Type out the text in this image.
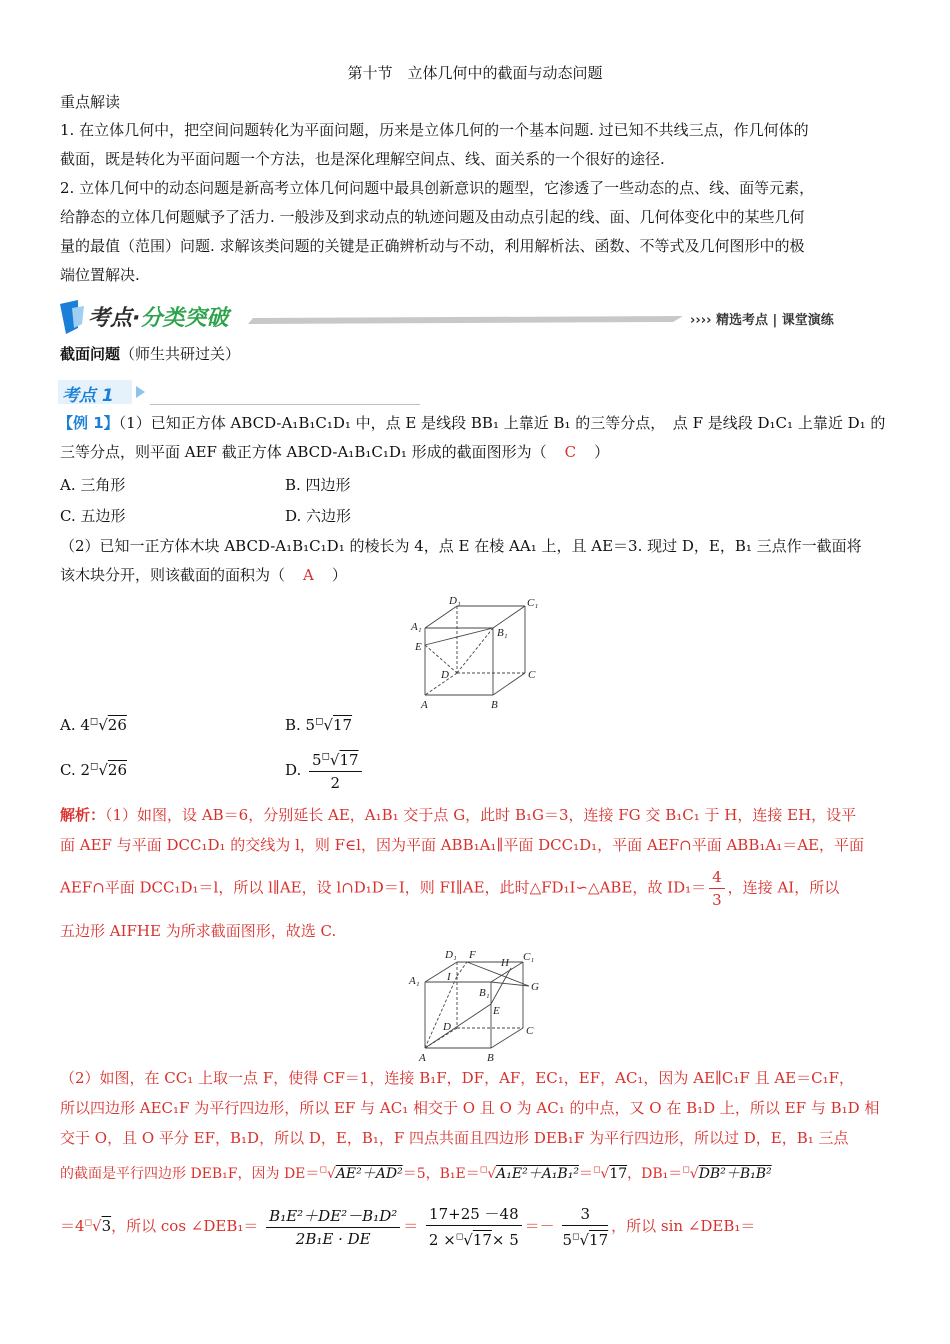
第十节　立体几何中的截面与动态问题
重点解读
1. 在立体几何中，把空间问题转化为平面问题，历来是立体几何的一个基本问题. 过已知不共线三点，作几何体的
截面，既是转化为平面问题一个方法，也是深化理解空间点、线、面关系的一个很好的途径.
2. 立体几何中的动态问题是新高考立体几何问题中最具创新意识的题型，它渗透了一些动态的点、线、面等元素，
给静态的立体几何题赋予了活力. 一般涉及到求动点的轨迹问题及由动点引起的线、面、几何体变化中的某些几何
量的最值（范围）问题. 求解该类问题的关键是正确辨析动与不动，利用解析法、函数、不等式及几何图形中的极
端位置解决.
考点·分类突破	›››› 精选考点 | 课堂演练
截面问题（师生共研过关）
考点 1
【例 1】（1）已知正方体 ABCD-A₁B₁C₁D₁ 中，点 E 是线段 BB₁ 上靠近 B₁ 的三等分点，　点 F 是线段 D₁C₁ 上靠近 D₁ 的
三等分点，则平面 AEF 截正方体 ABCD-A₁B₁C₁D₁ 形成的截面图形为（ C ）
A. 三角形	B. 四边形
C. 五边形	D. 六边形
（2）已知一正方体木块 ABCD-A₁B₁C₁D₁ 的棱长为 4，点 E 在棱 AA₁ 上，且 AE＝3. 现过 D，E，B₁ 三点作一截面将
该木块分开，则该截面的面积为（ A ）
D₁	C₁
A₁	B₁
E
D	C
A	B
A. 4◻√26	B. 5◻√17
C. 2◻√26	D. $\frac{5^◻√17}{2}$
解析：（1）如图，设 AB＝6，分别延长 AE，A₁B₁ 交于点 G，此时 B₁G＝3，连接 FG 交 B₁C₁ 于 H，连接 EH，设平
面 AEF 与平面 DCC₁D₁ 的交线为 l，则 F∈l，因为平面 ABB₁A₁∥平面 DCC₁D₁，平面 AEF∩平面 ABB₁A₁＝AE，平面
AEF∩平面 DCC₁D₁＝l，所以 l∥AE，设 l∩D₁D＝I，则 FI∥AE，此时△FD₁I∽△ABE，故 $ID_1= \frac{4}{3}$ ，连接 AI，所以
五边形 AIFHE 为所求截面图形，故选 C.
D₁ F
H C₁
A₁ I
B₁	G
E
D	C
A	B
（2）如图，在 CC₁ 上取一点 F，使得 CF＝1，连接 B₁F，DF，AF，EC₁，EF，AC₁，因为 AE∥C₁F 且 AE＝C₁F，
所以四边形 AEC₁F 为平行四边形，所以 EF 与 AC₁ 相交于 O 且 O 为 AC₁ 的中点，又 O 在 B₁D 上，所以 EF 与 B₁D 相
交于 O，且 O 平分 EF，B₁D，所以 D，E，B₁，F 四点共面且四边形 DEB₁F 为平行四边形，所以过 D，E，B₁ 三点
的截面是平行四边形 DEB₁F，因为 DE＝◻√AE²＋AD²＝5，B₁E＝◻√A₁E²＋A₁B₁²＝◻√17，DB₁＝◻√DB²＋B₁B²
＝4◻√3，所以 cos ∠DEB₁＝ $\frac{\text{B₁E²＋DE²－B₁D²}}{\text{2B₁E · DE}} = \frac{17+25 -48}{2 \times^◻√17\times 5} =- \frac{3}{5^◻√17}$ ，所以 sin ∠DEB₁＝
